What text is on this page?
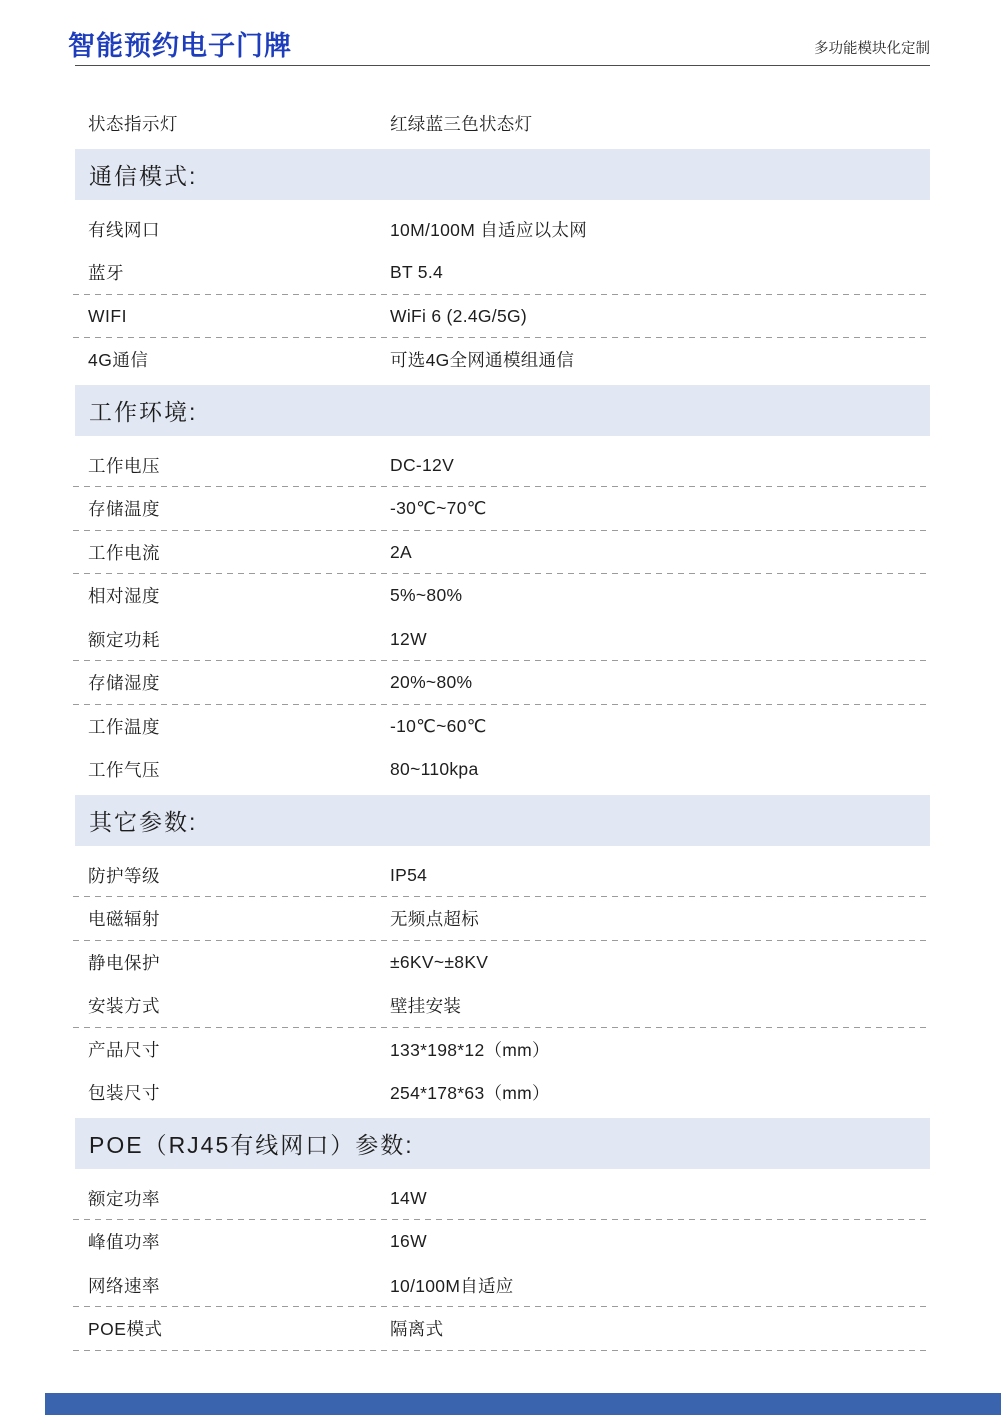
智能预约电子门牌	多功能模块化定制
状态指示灯	红绿蓝三色状态灯
通信模式:
有线网口	10M/100M 自适应以太网
蓝牙	BT 5.4
WIFI	WiFi 6 (2.4G/5G)
4G通信	可选4G全网通模组通信
工作环境:
工作电压	DC-12V
存储温度	-30℃~70℃
工作电流	2A
相对湿度	5%~80%
额定功耗	12W
存储湿度	20%~80%
工作温度	-10℃~60℃
工作气压	80~110kpa
其它参数:
防护等级	IP54
电磁辐射	无频点超标
静电保护	±6KV~±8KV
安装方式	壁挂安装
产品尺寸	133*198*12（mm）
包装尺寸	254*178*63（mm）
POE（RJ45有线网口）参数:
额定功率	14W
峰值功率	16W
网络速率	10/100M自适应
POE模式	隔离式
